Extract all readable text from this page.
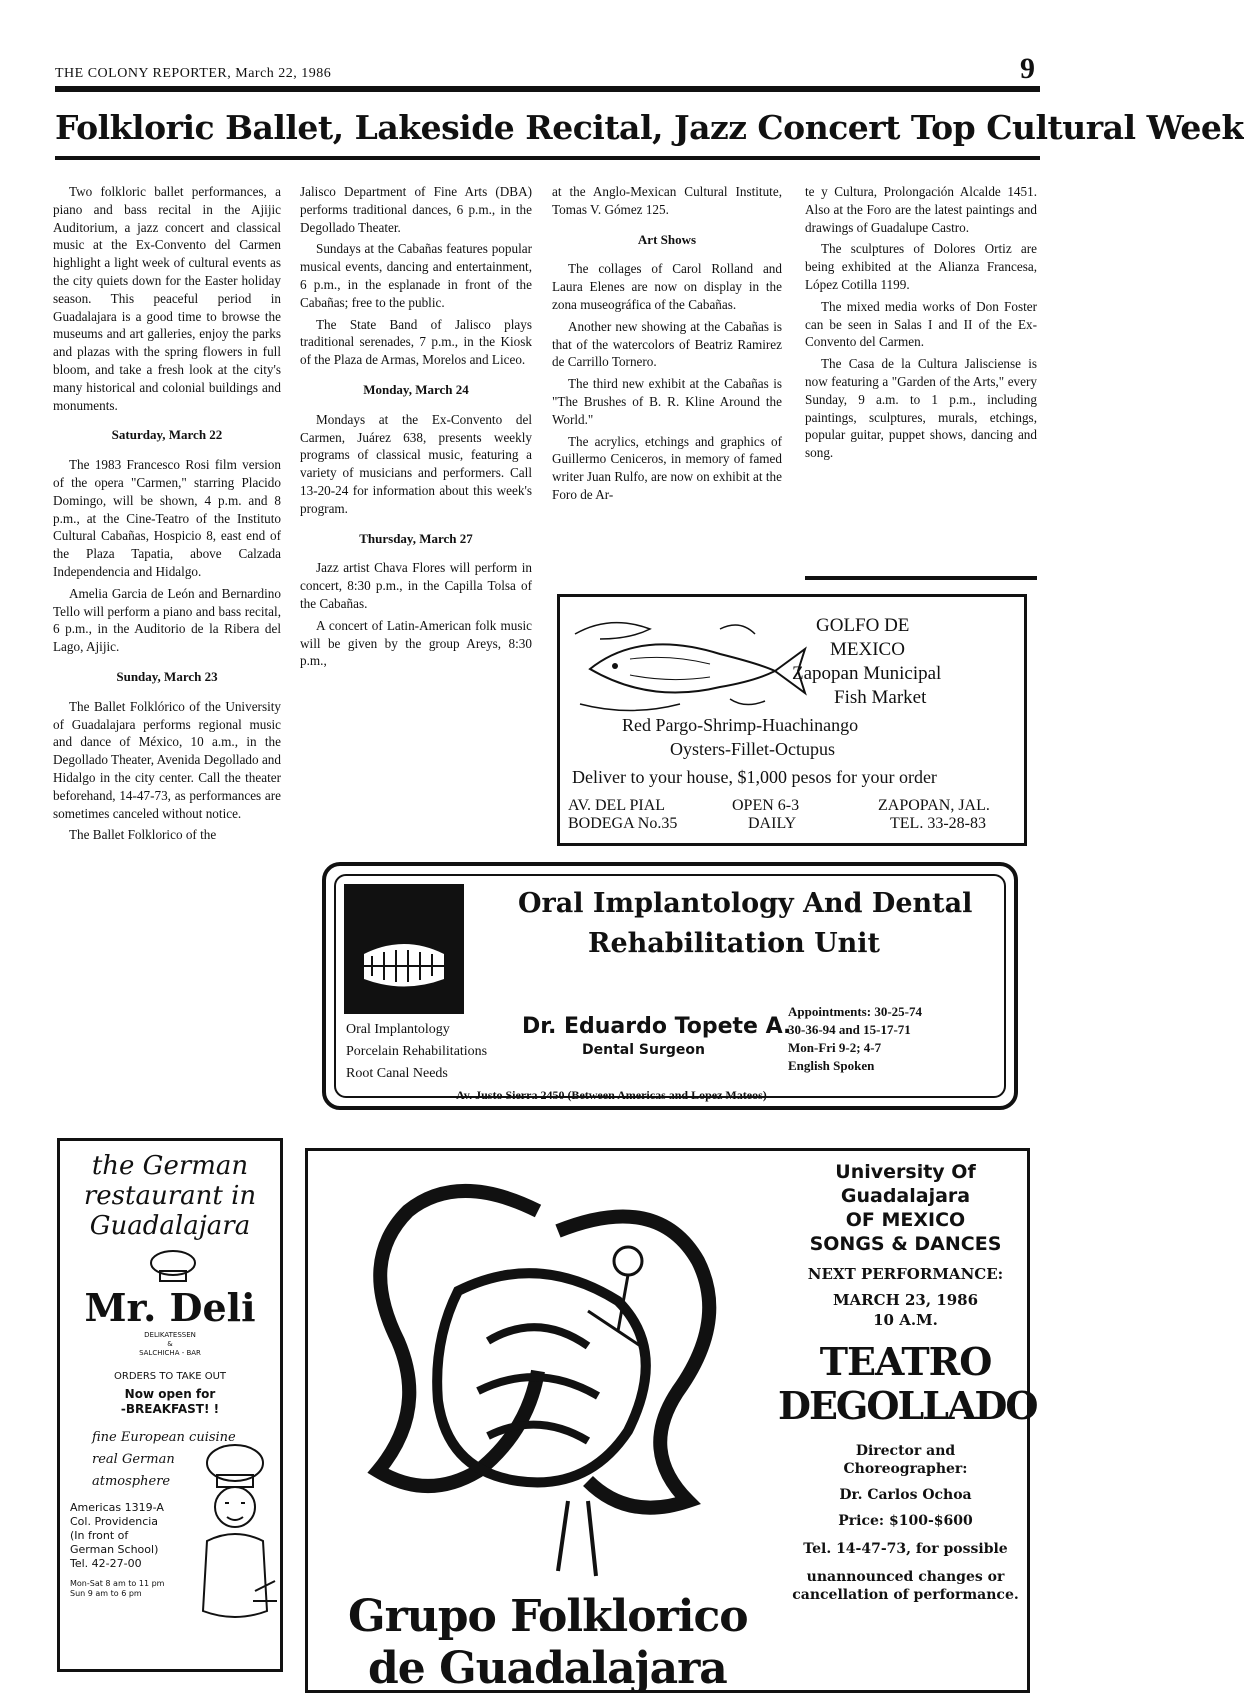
THE COLONY REPORTER, March 22, 1986	9
Folkloric Ballet, Lakeside Recital, Jazz Concert Top Cultural Week

Two folkloric ballet performances, a piano and bass recital in the Ajijic Auditorium, a jazz concert and classical music at the Ex-Convento del Carmen highlight a light week of cultural events as the city quiets down for the Easter holiday season. This peaceful period in Guadalajara is a good time to browse the museums and art galleries, enjoy the parks and plazas with the spring flowers in full bloom, and take a fresh look at the city's many historical and colonial buildings and monuments.

Saturday, March 22

The 1983 Francesco Rosi film version of the opera "Carmen," starring Placido Domingo, will be shown, 4 p.m. and 8 p.m., at the Cine-Teatro of the Instituto Cultural Cabañas, Hospicio 8, east end of the Plaza Tapatia, above Calzada Independencia and Hidalgo.

Amelia Garcia de León and Bernardino Tello will perform a piano and bass recital, 6 p.m., in the Auditorio de la Ribera del Lago, Ajijic.

Sunday, March 23

The Ballet Folklórico of the University of Guadalajara performs regional music and dance of México, 10 a.m., in the Degollado Theater, Avenida Degollado and Hidalgo in the city center. Call the theater beforehand, 14-47-73, as performances are sometimes canceled without notice.

The Ballet Folklorico of the

Jalisco Department of Fine Arts (DBA) performs traditional dances, 6 p.m., in the Degollado Theater.

Sundays at the Cabañas features popular musical events, dancing and entertainment, 6 p.m., in the esplanade in front of the Cabañas; free to the public.

The State Band of Jalisco plays traditional serenades, 7 p.m., in the Kiosk of the Plaza de Armas, Morelos and Liceo.

Monday, March 24

Mondays at the Ex-Convento del Carmen, Juárez 638, presents weekly programs of classical music, featuring a variety of musicians and performers. Call 13-20-24 for information about this week's program.

Thursday, March 27

Jazz artist Chava Flores will perform in concert, 8:30 p.m., in the Capilla Tolsa of the Cabañas.

A concert of Latin-American folk music will be given by the group Areys, 8:30 p.m.,

at the Anglo-Mexican Cultural Institute, Tomas V. Gómez 125.

Art Shows

The collages of Carol Rolland and Laura Elenes are now on display in the zona museográfica of the Cabañas.

Another new showing at the Cabañas is that of the watercolors of Beatriz Ramirez de Carrillo Tornero.

The third new exhibit at the Cabañas is "The Brushes of B. R. Kline Around the World."

The acrylics, etchings and graphics of Guillermo Ceniceros, in memory of famed writer Juan Rulfo, are now on exhibit at the Foro de Ar-

te y Cultura, Prolongación Alcalde 1451. Also at the Foro are the latest paintings and drawings of Guadalupe Castro.

The sculptures of Dolores Ortiz are being exhibited at the Alianza Francesa, López Cotilla 1199.

The mixed media works of Don Foster can be seen in Salas I and II of the Ex-Convento del Carmen.

The Casa de la Cultura Jalisciense is now featuring a "Garden of the Arts," every Sunday, 9 a.m. to 1 p.m., including paintings, sculptures, murals, etchings, popular guitar, puppet shows, dancing and song.

GOLFO DE
MEXICO
Zapopan Municipal
Fish Market
Red Pargo-Shrimp-Huachinango
Oysters-Fillet-Octupus
Deliver to your house, $1,000 pesos for your order
AV. DEL PIAL
BODEGA No.35
OPEN 6-3
DAILY
ZAPOPAN, JAL.
TEL. 33-28-83
Oral Implantology And Dental
Rehabilitation Unit
Oral Implantology
Porcelain Rehabilitations
Root Canal Needs
Dr. Eduardo Topete A.
Dental Surgeon
Appointments: 30-25-74
30-36-94 and 15-17-71
Mon-Fri 9-2; 4-7
English Spoken
Av. Justo Sierra 2450 (Between Americas and Lopez Mateos)
the German
restaurant in
Guadalajara
Mr. Deli
DELIKATESSEN
&
SALCHICHA - BAR
ORDERS TO TAKE OUT
Now open for
-BREAKFAST! !
fine European cuisine
real German
atmosphere
Americas 1319-A
Col. Providencia
(In front of
German School)
Tel. 42-27-00
Mon-Sat 8 am to 11 pm
Sun 9 am to 6 pm	Grupo Folklorico
de Guadalajara
University Of
Guadalajara
OF MEXICO
SONGS & DANCES
NEXT PERFORMANCE:
MARCH 23, 1986
10 A.M.
TEATRO
DEGOLLADO
Director and
Choreographer:
Dr. Carlos Ochoa
Price: $100-$600
Tel. 14-47-73, for possible
unannounced changes or
cancellation of performance.
